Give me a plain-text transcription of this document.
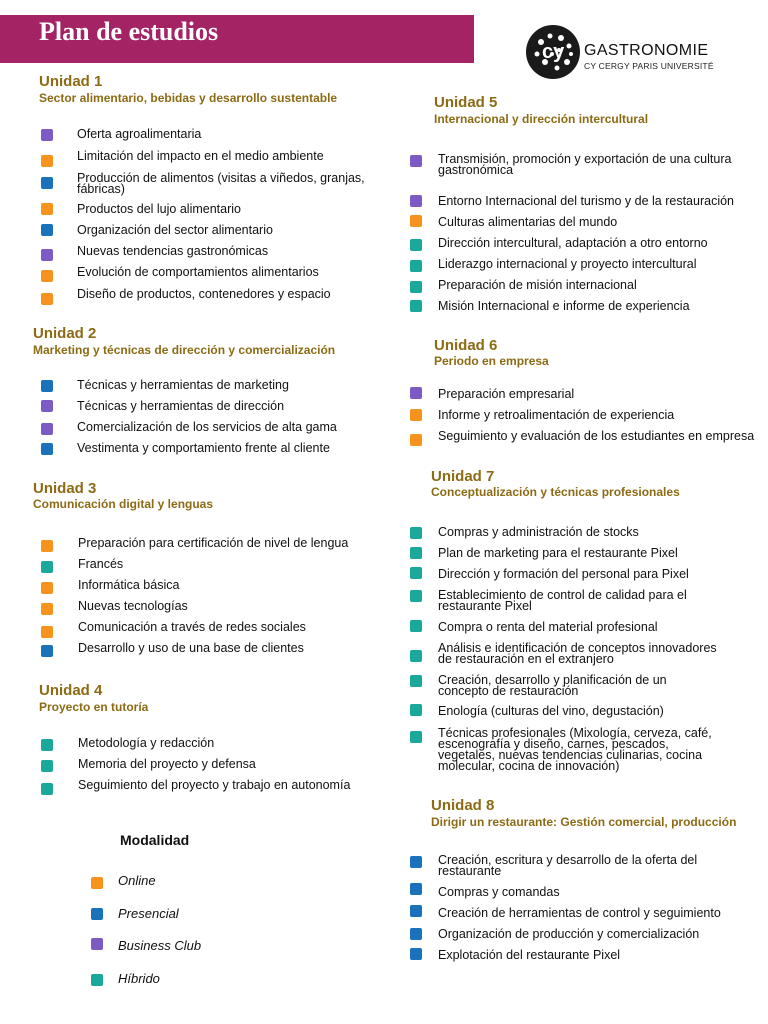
Plan de estudios
cy GASTRONOMIE
CY CERGY PARIS UNIVERSITÉ
Unidad 1
Sector alimentario, bebidas y desarrollo sustentable
Oferta agroalimentaria
Limitación del impacto en el medio ambiente
Producción de alimentos (visitas a viñedos, granjas,
fábricas)
Productos del lujo alimentario
Organización del sector alimentario
Nuevas tendencias gastronómicas
Evolución de comportamientos alimentarios
Diseño de productos, contenedores y espacio
Unidad 2
Marketing y técnicas de dirección y comercialización
Técnicas y herramientas de marketing
Técnicas y herramientas de dirección
Comercialización de los servicios de alta gama
Vestimenta y comportamiento frente al cliente
Unidad 3
Comunicación digital y lenguas
Preparación para certificación de nivel de lengua
Francés
Informática básica
Nuevas tecnologías
Comunicación a través de redes sociales
Desarrollo y uso de una base de clientes
Unidad 4
Proyecto en tutoría
Metodología y redacción
Memoria del proyecto y defensa
Seguimiento del proyecto y trabajo en autonomía
Modalidad
Online
Presencial
Business Club
Híbrido
Unidad 5
Internacional y dirección intercultural
Transmisión, promoción y exportación de una cultura
gastronómica
Entorno Internacional del turismo y de la restauración
Culturas alimentarias del mundo
Dirección intercultural, adaptación a otro entorno
Liderazgo internacional y proyecto intercultural
Preparación de misión internacional
Misión Internacional e informe de experiencia
Unidad 6
Periodo en empresa
Preparación empresarial
Informe y retroalimentación de experiencia
Seguimiento y evaluación de los estudiantes en empresa
Unidad 7
Conceptualización y técnicas profesionales
Compras y administración de stocks
Plan de marketing para el restaurante Pixel
Dirección y formación del personal para Pixel
Establecimiento de control de calidad para el
restaurante Pixel
Compra o renta del material profesional
Análisis e identificación de conceptos innovadores
de restauración en el extranjero
Creación, desarrollo y planificación de un
concepto de restauración
Enología (culturas del vino, degustación)
Técnicas profesionales (Mixología, cerveza, café,
escenografía y diseño, carnes, pescados,
vegetales, nuevas tendencias culinarias, cocina
molecular, cocina de innovación)
Unidad 8
Dirigir un restaurante: Gestión comercial, producción
Creación, escritura y desarrollo de la oferta del
restaurante
Compras y comandas
Creación de herramientas de control y seguimiento
Organización de producción y comercialización
Explotación del restaurante Pixel
